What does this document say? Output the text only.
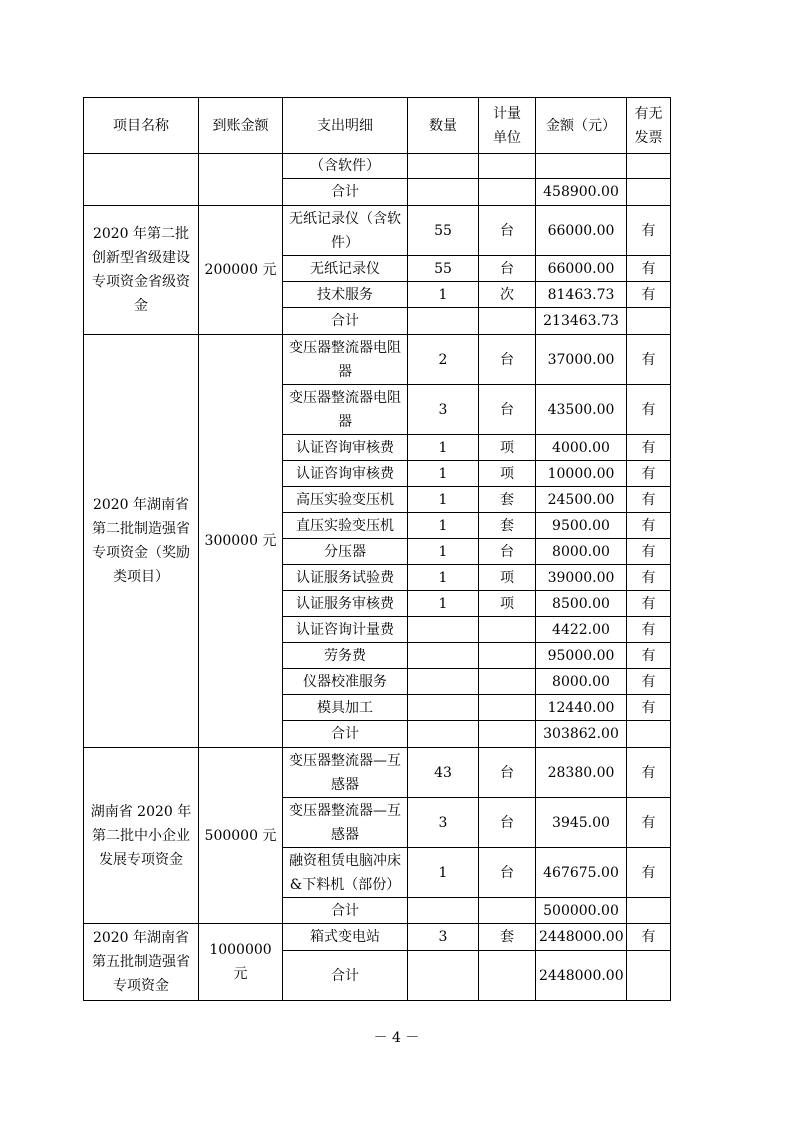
项目名称	到账金额	支出明细	数量	计量单位	金额（元）	有无发票
		（含软件）				
		合计			458900.00	
2020 年第二批创新型省级建设专项资金省级资金	200000 元	无纸记录仪（含软件）	55	台	66000.00	有
		无纸记录仪	55	台	66000.00	有
		技术服务	1	次	81463.73	有
		合计			213463.73	
2020 年湖南省第二批制造强省专项资金（奖励类项目）	300000 元	变压器整流器电阻器	2	台	37000.00	有
		变压器整流器电阻器	3	台	43500.00	有
		认证咨询审核费	1	项	4000.00	有
		认证咨询审核费	1	项	10000.00	有
		高压实验变压机	1	套	24500.00	有
		直压实验变压机	1	套	9500.00	有
		分压器	1	台	8000.00	有
		认证服务试验费	1	项	39000.00	有
		认证服务审核费	1	项	8500.00	有
		认证咨询计量费			4422.00	有
		劳务费			95000.00	有
		仪器校准服务			8000.00	有
		模具加工			12440.00	有
		合计			303862.00	
湖南省 2020 年第二批中小企业发展专项资金	500000 元	变压器整流器—互感器	43	台	28380.00	有
		变压器整流器—互感器	3	台	3945.00	有
		融资租赁电脑冲床&下料机（部份）	1	台	467675.00	有
		合计			500000.00	
2020 年湖南省第五批制造强省专项资金	1000000 元	箱式变电站	3	套	2448000.00	有
		合计			2448000.00	
－ 4 －
